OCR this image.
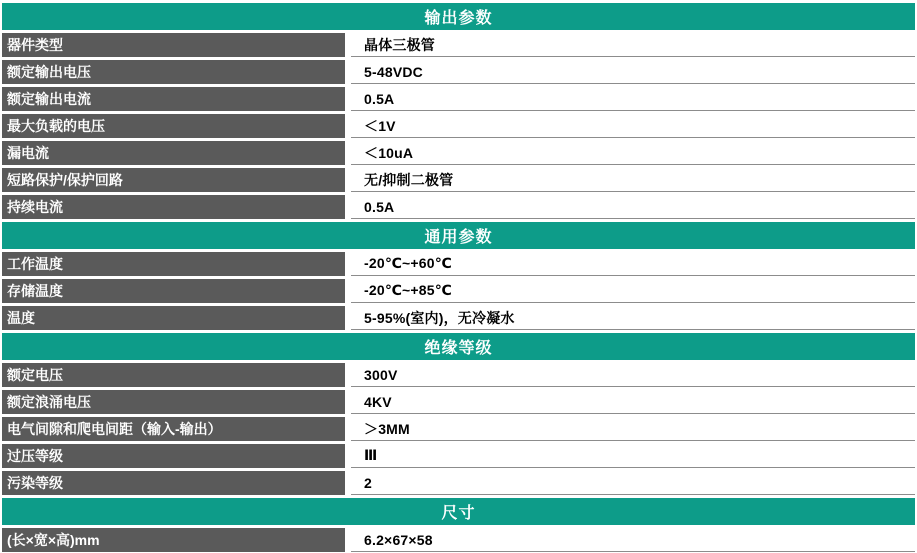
输出参数
器件类型	晶体三极管
额定输出电压	5-48VDC
额定输出电流	0.5A
最大负载的电压	＜1V
漏电流	＜10uA
短路保护/保护回路	无/抑制二极管
持续电流	0.5A
通用参数
工作温度	-20℃~+60℃
存储温度	-20℃~+85℃
温度	5-95%(室内)，无冷凝水
绝缘等级
额定电压	300V
额定浪涌电压	4KV
电气间隙和爬电间距（输入-输出）	＞3MM
过压等级	Ⅲ
污染等级	2
尺寸
(长×宽×高)mm	6.2×67×58
